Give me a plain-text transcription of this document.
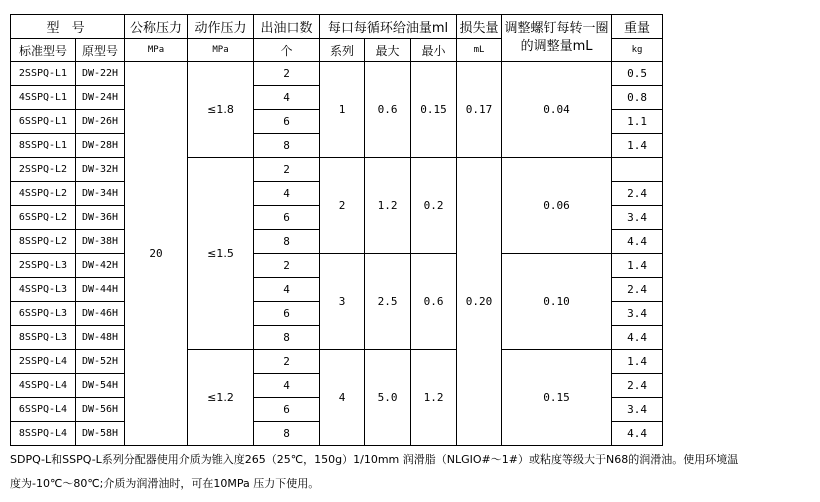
型 号		公称压力	动作压力	出油口数	每口每循环给油量ml			损失量	调整螺钉每转一圈的调整量mL	重量
标准型号	原型号	MPa	MPa	个	系列	最大	最小	mL		kg
2SSPQ-L1	DW-22H	20	≤1.8	2	1	0.6	0.15	0.17	0.04	0.5
4SSPQ-L1	DW-24H			4						0.8
6SSPQ-L1	DW-26H			6						1.1
8SSPQ-L1	DW-28H			8						1.4
2SSPQ-L2	DW-32H		≤1.5	2	2	1.2	0.2	0.20	0.06	
4SSPQ-L2	DW-34H			4						2.4
6SSPQ-L2	DW-36H			6						3.4
8SSPQ-L2	DW-38H			8						4.4
2SSPQ-L3	DW-42H			2	3	2.5	0.6		0.10	1.4
4SSPQ-L3	DW-44H			4						2.4
6SSPQ-L3	DW-46H			6						3.4
8SSPQ-L3	DW-48H			8						4.4
2SSPQ-L4	DW-52H		≤1.2	2	4	5.0	1.2		0.15	1.4
4SSPQ-L4	DW-54H			4						2.4
6SSPQ-L4	DW-56H			6						3.4
8SSPQ-L4	DW-58H			8						4.4
SDPQ-L和SSPQ-L系列分配器使用介质为锥入度265（25℃，150g）1/10mm 润滑脂（NLGIO#～1#）或粘度等级大于N68的润滑油。使用环境温
度为-10℃～80℃;介质为润滑油时，可在10MPa 压力下使用。
